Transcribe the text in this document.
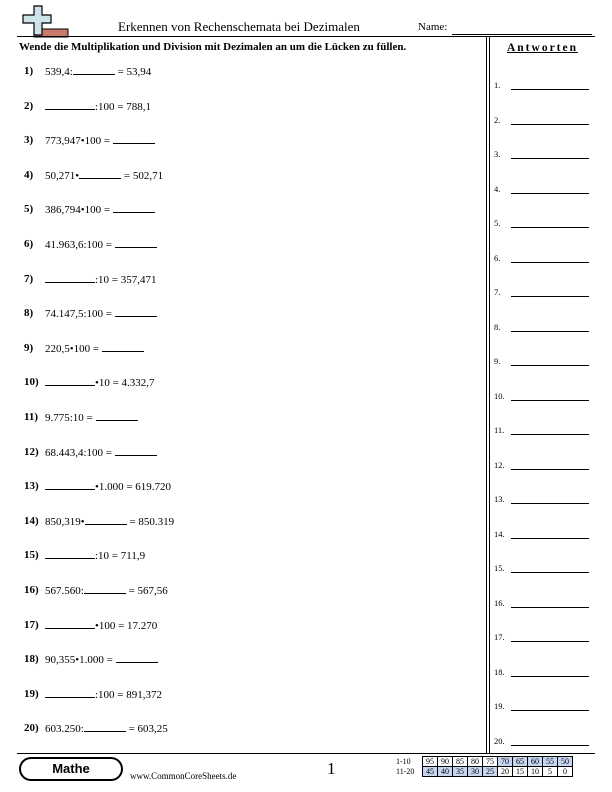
Erkennen von Rechenschemata bei Dezimalen	Name:
Wende die Multiplikation und Division mit Dezimalen an um die Lücken zu füllen.	Antworten
1)	539,4:	= 53,94
2)	:100 = 788,1
3)	773,947•100 =
4)	50,271•	= 502,71
5)	386,794•100 =
6)	41.963,6:100 =
7)	:10 = 357,471
8)	74.147,5:100 =
9)	220,5•100 =
10)	•10 = 4.332,7
11) 9.775:10 =
12) 68.443,4:100 =
13)	•1.000 = 619.720
14) 850,319•	= 850.319
15)	:10 = 711,9
16) 567.560:	= 567,56
17)	•100 = 17.270
18) 90,355•1.000 =
19)	:100 = 891,372
20) 603.250:	= 603,25
1.
2.
3.
4.
5.
6.
7.
8.
9.
10.
11.
12.
13.
14.
15.
16.
17.
18.
19.
20.
Mathe	www.CommonCoreSheets.de	1	1-10	95	90	85	80	75	70	65	60	55	50
11-20	45	40	35	30	25	20	15	10	5	0
